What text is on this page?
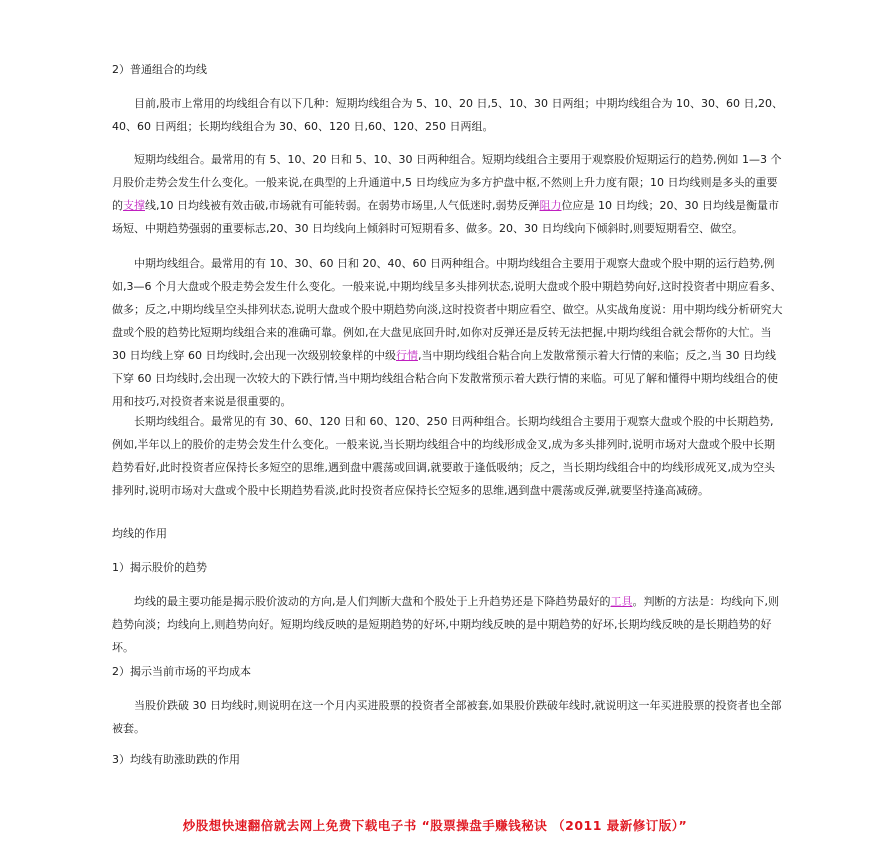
2）普通组合的均线
目前,股市上常用的均线组合有以下几种：短期均线组合为 5、10、20 日,5、10、30 日两组；中期均线组合为 10、30、60 日,20、40、60 日两组；长期均线组合为 30、60、120 日,60、120、250 日两组。
短期均线组合。最常用的有 5、10、20 日和 5、10、30 日两种组合。短期均线组合主要用于观察股价短期运行的趋势,例如 1—3 个月股价走势会发生什么变化。一般来说,在典型的上升通道中,5 日均线应为多方护盘中枢,不然则上升力度有限；10 日均线则是多头的重要的支撑线,10 日均线被有效击破,市场就有可能转弱。在弱势市场里,人气低迷时,弱势反弹阻力位应是 10 日均线；20、30 日均线是衡量市场短、中期趋势强弱的重要标志,20、30 日均线向上倾斜时可短期看多、做多。20、30 日均线向下倾斜时,则要短期看空、做空。
中期均线组合。最常用的有 10、30、60 日和 20、40、60 日两种组合。中期均线组合主要用于观察大盘或个股中期的运行趋势,例如,3—6 个月大盘或个股走势会发生什么变化。一般来说,中期均线呈多头排列状态,说明大盘或个股中期趋势向好,这时投资者中期应看多、做多；反之,中期均线呈空头排列状态,说明大盘或个股中期趋势向淡,这时投资者中期应看空、做空。从实战角度说：用中期均线分析研究大盘或个股的趋势比短期均线组合来的准确可靠。例如,在大盘见底回升时,如你对反弹还是反转无法把握,中期均线组合就会帮你的大忙。当 30 日均线上穿 60 日均线时,会出现一次级别较象样的中级行情,当中期均线组合粘合向上发散常预示着大行情的来临；反之,当 30 日均线下穿 60 日均线时,会出现一次较大的下跌行情,当中期均线组合粘合向下发散常预示着大跌行情的来临。可见了解和懂得中期均线组合的使用和技巧,对投资者来说是很重要的。
长期均线组合。最常见的有 30、60、120 日和 60、120、250 日两种组合。长期均线组合主要用于观察大盘或个股的中长期趋势,例如,半年以上的股价的走势会发生什么变化。一般来说,当长期均线组合中的均线形成金叉,成为多头排列时,说明市场对大盘或个股中长期趋势看好,此时投资者应保持长多短空的思维,遇到盘中震荡或回调,就要敢于逢低吸纳；反之，当长期均线组合中的均线形成死叉,成为空头排列时,说明市场对大盘或个股中长期趋势看淡,此时投资者应保持长空短多的思维,遇到盘中震荡或反弹,就要坚持逢高减磅。
均线的作用
1）揭示股价的趋势
均线的最主要功能是揭示股价波动的方向,是人们判断大盘和个股处于上升趋势还是下降趋势最好的工具。判断的方法是：均线向下,则趋势向淡；均线向上,则趋势向好。短期均线反映的是短期趋势的好坏,中期均线反映的是中期趋势的好坏,长期均线反映的是长期趋势的好坏。
2）揭示当前市场的平均成本
当股价跌破 30 日均线时,则说明在这一个月内买进股票的投资者全部被套,如果股价跌破年线时,就说明这一年买进股票的投资者也全部被套。
3）均线有助涨助跌的作用
炒股想快速翻倍就去网上免费下载电子书 “股票操盘手赚钱秘诀 （2011 最新修订版）”
